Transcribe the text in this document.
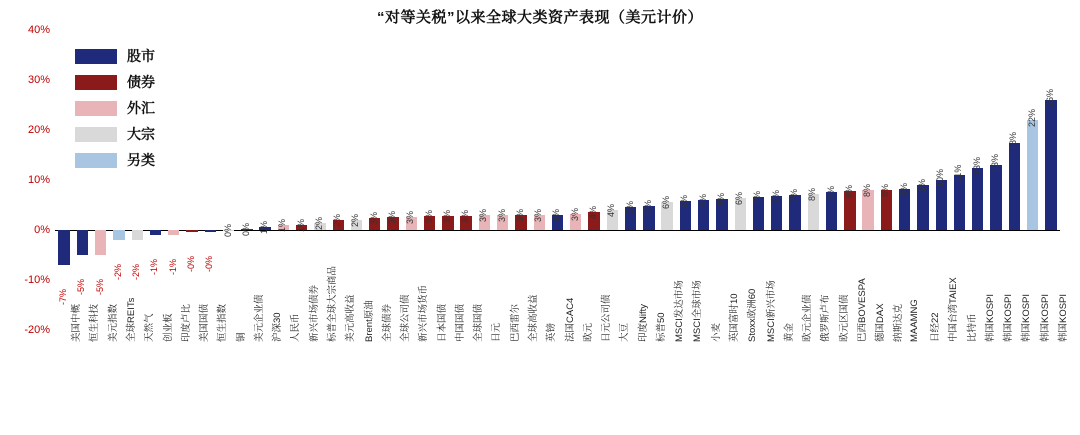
“对等关税”以来全球大类资产表现（美元计价）
-20%
-10%
0%
10%
20%
30%
40%
-7%
美国中概
-5%
恒生科技
-5%
美元指数
-2%
全球REITs
-2%
天然气
-1%
创业板
-1%
印度卢比
-0%
美国国债
-0%
恒生指数
0%
铜
0%
美元企业债
1%
沪深30
1%
人民币
1%
新兴市场债券
2%
标普全球大宗商品
2%
美元高收益
2%
Brent原油
3%
全球债券
3%
全球公司债
3%
新兴市场货币
3%
日本国债
3%
中国国债
3%
全球国债
3%
日元
3%
巴西雷尔
3%
全球高收益
3%
英镑
3%
法国CAC4
3%
欧元
4%
日元公司债
4%
大豆
5%
印度Nifty
5%
标普50
6%
MSCI发达市场
6%
MSCI全球市场
6%
小麦
6%
英国富时10
6%
Stoxx欧洲60
7%
MSCI新兴市场
7%
黄金
7%
欧元企业债
8%
俄罗斯卢布
8%
欧元区国债
8%
巴西BOVESPA
8%
德国DAX
8%
纳斯达克
8%
MAAMNG
9%
日经22
10%
中国台湾TAIEX
11%
比特币
13%
韩国KOSPI
13%
韩国KOSPI
18%
韩国KOSPI
22%
韩国KOSPI
26%
韩国KOSPI
股市
债券
外汇
大宗
另类
